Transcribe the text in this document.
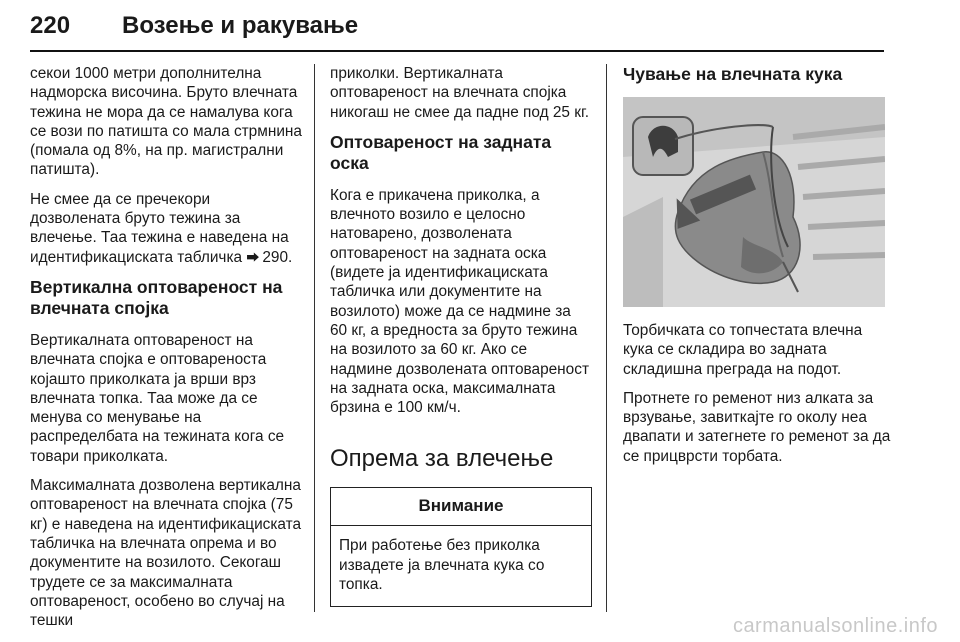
220 Возење и ракување

секои 1000 метри дополнителна надморска височина. Бруто влечната тежина не мора да се намалува кога се вози по патишта со мала стрмнина (помала од 8%, на пр. магистрални патишта).

Не смее да се пречекори дозволената бруто тежина за влечење. Таа тежина е наведена на идентификациската табличка ⮕ 290.

Вертикална оптовареност на влечната спојка

Вертикалната оптовареност на влечната спојка е оптовареноста којашто приколката ја врши врз влечната топка. Таа може да се менува со менување на распределбата на тежината кога се товари приколката.

Максималната дозволена вертикална оптовареност на влечната спојка (75 кг) е наведена на идентификациската табличка на влечната опрема и во документите на возилото. Секогаш трудете се за максималната оптовареност, особено во случај на тешки

приколки. Вертикалната оптовареност на влечната спојка никогаш не смее да падне под 25 кг.

Оптовареност на задната оска

Кога е прикачена приколка, а влечното возило е целосно натоварено, дозволената оптовареност на задната оска (видете ја идентификациската табличка или документите на возилото) може да се надмине за 60 кг, а вредноста за бруто тежина на возилото за 60 кг. Ако се надмине дозволената оптовареност на задната оска, максималната брзина е 100 км/ч.

Опрема за влечење
Внимание
При работење без приколка извадете ја влечната кука со топка.
Чување на влечната кука

Торбичката со топчестата влечна кука се складира во задната складишна преграда на подот.

Протнете го ременот низ алката за врзување, завиткајте го околу неа двапати и затегнете го ременот за да се прицврсти торбата.

carmanualsonline.info
